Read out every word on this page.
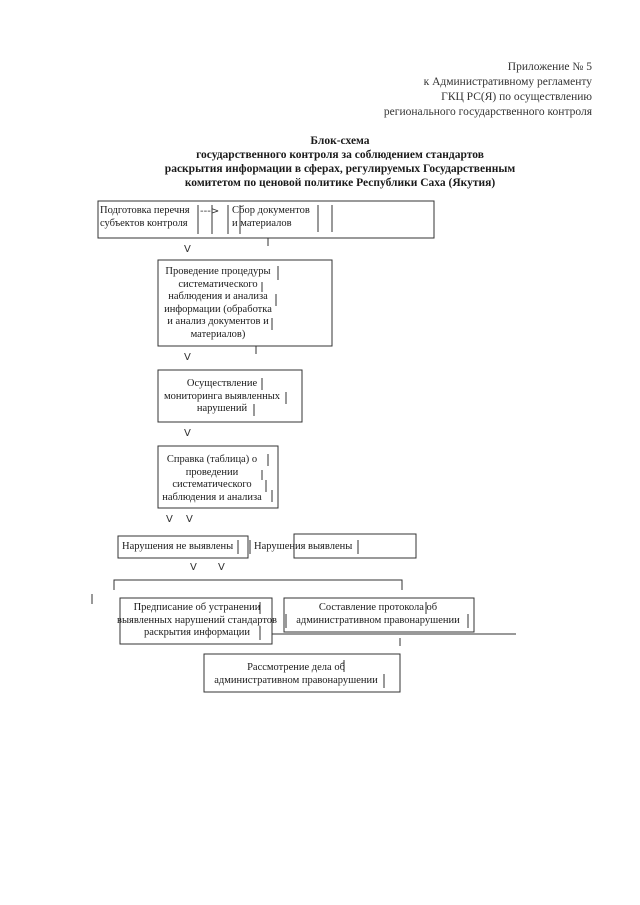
Приложение № 5
к Административному регламенту
ГКЦ РС(Я) по осуществлению
регионального государственного контроля
Блок-схема
государственного контроля за соблюдением стандартов
раскрытия информации в сферах, регулируемых Государственным
комитетом по ценовой политике Республики Саха (Якутия)
Подготовка перечня
субъектов контроля
---> Сбор документов
и материалов
V
Проведение процедуры
систематического
наблюдения и анализа
информации (обработка
и анализ документов и
материалов)
V
Осуществление
мониторинга выявленных
нарушений
V
Справка (таблица) о
проведении
систематического
наблюдения и анализа
V V
Нарушения не выявлены Нарушения выявлены
V V
Предписание об устранении
выявленных нарушений стандартов
раскрытия информации
Составление протокола об
административном правонарушении
Рассмотрение дела об
административном правонарушении
